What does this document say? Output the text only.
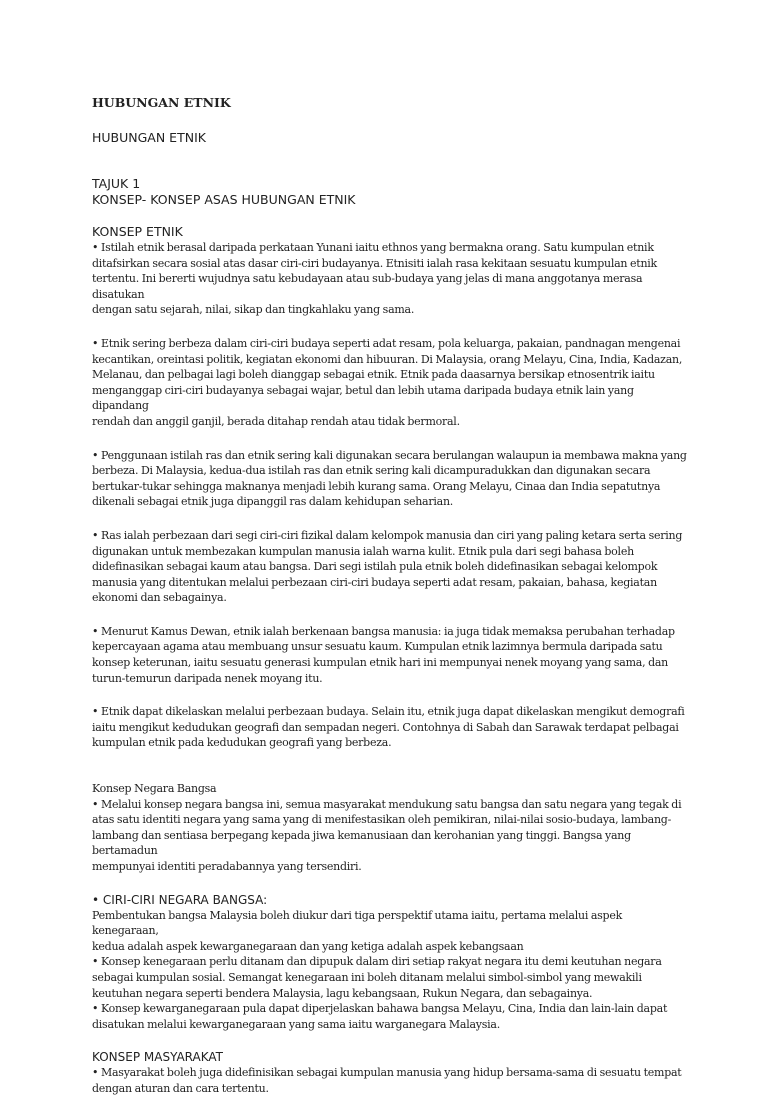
HUBUNGAN ETNIK
HUBUNGAN ETNIK
TAJUK 1
KONSEP- KONSEP ASAS HUBUNGAN ETNIK
KONSEP ETNIK

• Istilah etnik berasal daripada perkataan Yunani iaitu ethnos yang bermakna orang. Satu kumpulan etnik
ditafsirkan secara sosial atas dasar ciri-ciri budayanya. Etnisiti ialah rasa kekitaan sesuatu kumpulan etnik
tertentu. Ini bererti wujudnya satu kebudayaan atau sub-budaya yang jelas di mana anggotanya merasa disatukan
dengan satu sejarah, nilai, sikap dan tingkahlaku yang sama.

• Etnik sering berbeza dalam ciri-ciri budaya seperti adat resam, pola keluarga, pakaian, pandnagan mengenai
kecantikan, oreintasi politik, kegiatan ekonomi dan hibuuran. Di Malaysia, orang Melayu, Cina, India, Kadazan,
Melanau, dan pelbagai lagi boleh dianggap sebagai etnik. Etnik pada daasarnya bersikap etnosentrik iaitu
menganggap ciri-ciri budayanya sebagai wajar, betul dan lebih utama daripada budaya etnik lain yang dipandang
rendah dan anggil ganjil, berada ditahap rendah atau tidak bermoral.

• Penggunaan istilah ras dan etnik sering kali digunakan secara berulangan walaupun ia membawa makna yang
berbeza. Di Malaysia, kedua-dua istilah ras dan etnik sering kali dicampuradukkan dan digunakan secara
bertukar-tukar sehingga maknanya menjadi lebih kurang sama. Orang Melayu, Cinaa dan India sepatutnya
dikenali sebagai etnik juga dipanggil ras dalam kehidupan seharian.

• Ras ialah perbezaan dari segi ciri-ciri fizikal dalam kelompok manusia dan ciri yang paling ketara serta sering
digunakan untuk membezakan kumpulan manusia ialah warna kulit. Etnik pula dari segi bahasa boleh
didefinasikan sebagai kaum atau bangsa. Dari segi istilah pula etnik boleh didefinasikan sebagai kelompok
manusia yang ditentukan melalui perbezaan ciri-ciri budaya seperti adat resam, pakaian, bahasa, kegiatan
ekonomi dan sebagainya.

• Menurut Kamus Dewan, etnik ialah berkenaan bangsa manusia: ia juga tidak memaksa perubahan terhadap
kepercayaan agama atau membuang unsur sesuatu kaum. Kumpulan etnik lazimnya bermula daripada satu
konsep keterunan, iaitu sesuatu generasi kumpulan etnik hari ini mempunyai nenek moyang yang sama, dan
turun-temurun daripada nenek moyang itu.

• Etnik dapat dikelaskan melalui perbezaan budaya. Selain itu, etnik juga dapat dikelaskan mengikut demografi
iaitu mengikut kedudukan geografi dan sempadan negeri. Contohnya di Sabah dan Sarawak terdapat pelbagai
kumpulan etnik pada kedudukan geografi yang berbeza.

Konsep Negara Bangsa

• Melalui konsep negara bangsa ini, semua masyarakat mendukung satu bangsa dan satu negara yang tegak di
atas satu identiti negara yang sama yang di menifestasikan oleh pemikiran, nilai-nilai sosio-budaya, lambang-
lambang dan sentiasa berpegang kepada jiwa kemanusiaan dan kerohanian yang tinggi. Bangsa yang bertamadun
mempunyai identiti peradabannya yang tersendiri.

• CIRI-CIRI NEGARA BANGSA:

Pembentukan bangsa Malaysia boleh diukur dari tiga perspektif utama iaitu, pertama melalui aspek kenegaraan,
kedua adalah aspek kewarganegaraan dan yang ketiga adalah aspek kebangsaan
• Konsep kenegaraan perlu ditanam dan dipupuk dalam diri setiap rakyat negara itu demi keutuhan negara
sebagai kumpulan sosial. Semangat kenegaraan ini boleh ditanam melalui simbol-simbol yang mewakili
keutuhan negara seperti bendera Malaysia, lagu kebangsaan, Rukun Negara, dan sebagainya.
• Konsep kewarganegaraan pula dapat diperjelaskan bahawa bangsa Melayu, Cina, India dan lain-lain dapat
disatukan melalui kewarganegaraan yang sama iaitu warganegara Malaysia.

KONSEP MASYARAKAT

• Masyarakat boleh juga didefinisikan sebagai kumpulan manusia yang hidup bersama-sama di sesuatu tempat
dengan aturan dan cara tertentu.
